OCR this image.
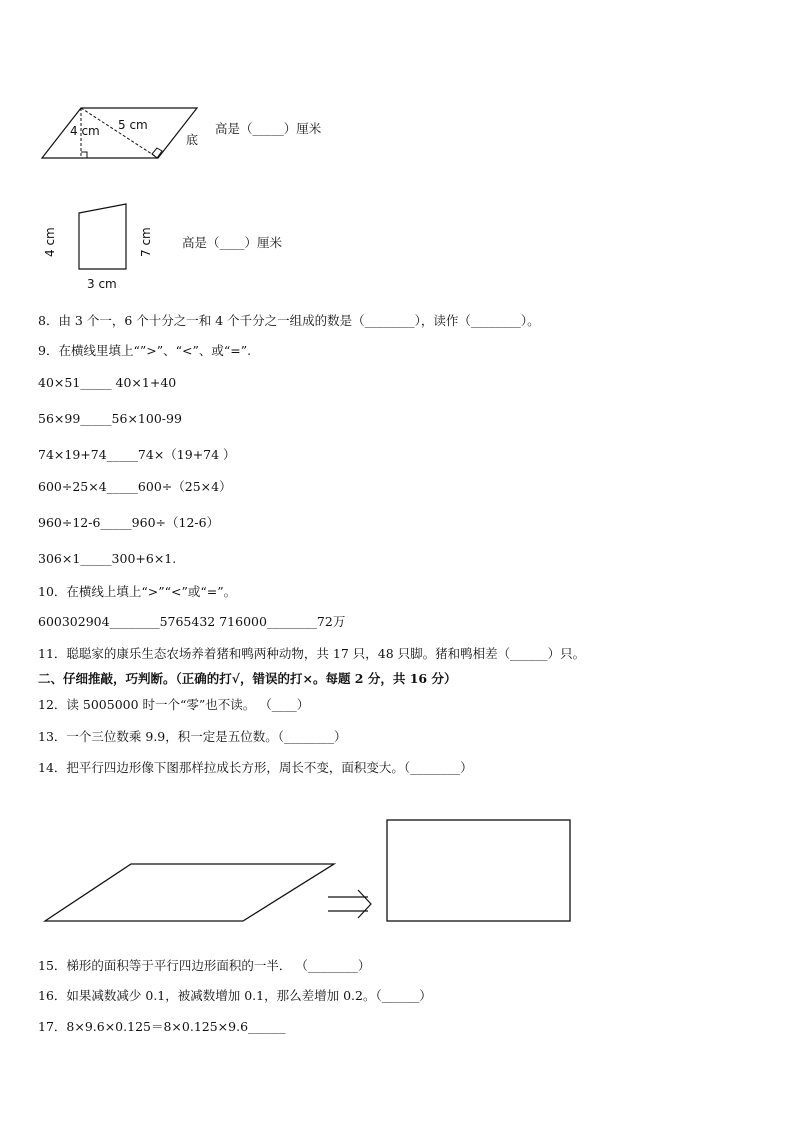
4 cm 5 cm
底
4 cm	7 cm
3 cm
高是（_____）厘米
高是（____）厘米
8．由 3 个一，6 个十分之一和 4 个千分之一组成的数是（________），读作（________）。
9．在横线里填上“”>”、“<”、或“=”.
40×51_____ 40×1+40
56×99_____56×100-99
74×19+74_____74×（19+74 ）
600÷25×4_____600÷（25×4）
960÷12-6_____960÷（12-6）
306×1_____300+6×1.
10．在横线上填上“>”“<”或“=”。
600302904________5765432 716000________72万
11．聪聪家的康乐生态农场养着猪和鸭两种动物，共 17 只，48 只脚。猪和鸭相差（______）只。
二、仔细推敲，巧判断。（正确的打√，错误的打×。每题 2 分，共 16 分）
12．读 5005000 时一个“零”也不读。 （____）
13．一个三位数乘 9.9，积一定是五位数。（________）
14．把平行四边形像下图那样拉成长方形，周长不变，面积变大。（________）
15．梯形的面积等于平行四边形面积的一半． （________）
16．如果减数减少 0.1，被减数增加 0.1，那么差增加 0.2。（______）
17．8×9.6×0.125＝8×0.125×9.6______
